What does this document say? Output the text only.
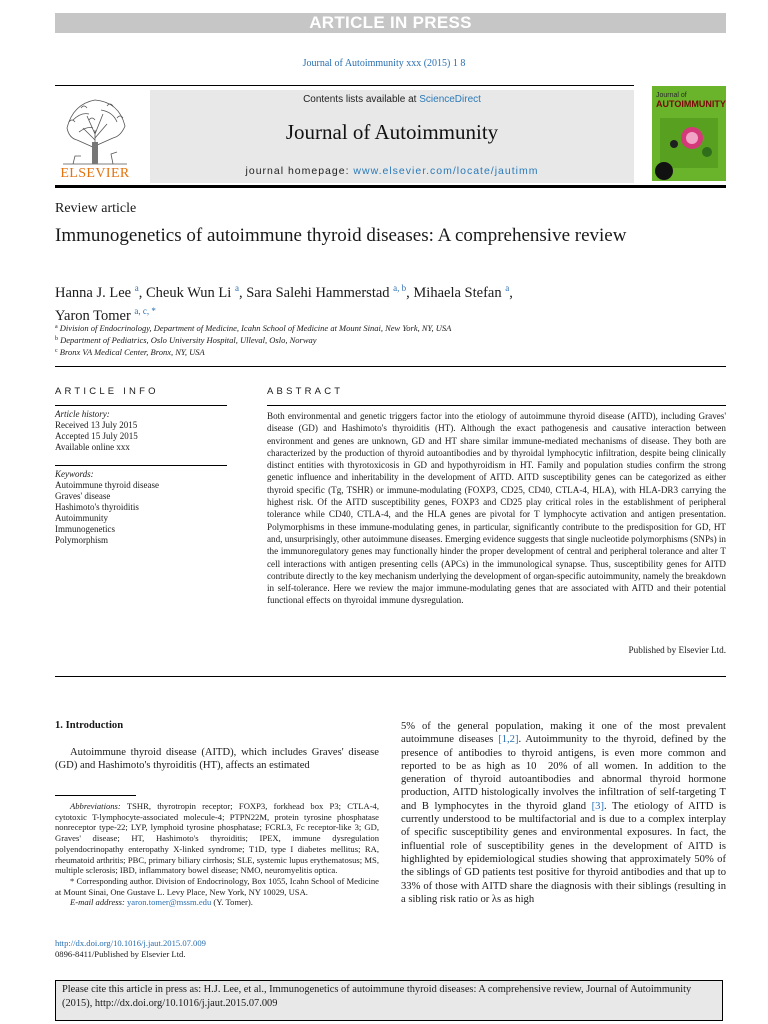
ARTICLE IN PRESS
Journal of Autoimmunity xxx (2015) 1 8
ELSEVIER
Contents lists available at ScienceDirect
Journal of Autoimmunity
journal homepage: www.elsevier.com/locate/jautimm
Journal of
AUTOIMMUNITY
Review article
Immunogenetics of autoimmune thyroid diseases: A comprehensive review
Hanna J. Lee $^a$, Cheuk Wun Li $^a$, Sara Salehi Hammerstad $^{a, b}$, Mihaela Stefan $^a$,
Yaron Tomer $^{a, c, *}$
$^a$ Division of Endocrinology, Department of Medicine, Icahn School of Medicine at Mount Sinai, New York, NY, USA
$^b$ Department of Pediatrics, Oslo University Hospital, Ulleval, Oslo, Norway
$^c$ Bronx VA Medical Center, Bronx, NY, USA
ARTICLE INFO	ABSTRACT
Article history:
Received 13 July 2015
Accepted 15 July 2015
Available online xxx
Keywords:
Autoimmune thyroid disease
Graves' disease
Hashimoto's thyroiditis
Autoimmunity
Immunogenetics
Polymorphism
Both environmental and genetic triggers factor into the etiology of autoimmune thyroid disease (AITD), including Graves' disease (GD) and Hashimoto's thyroiditis (HT). Although the exact pathogenesis and causative interaction between environment and genes are unknown, GD and HT share similar immune-mediated mechanisms of disease. They both are characterized by the production of thyroid autoantibodies and by thyroidal lymphocytic infiltration, despite being clinically distinct entities with thyrotoxicosis in GD and hypothyroidism in HT. Family and population studies confirm the strong genetic influence and inheritability in the development of AITD. AITD susceptibility genes can be categorized as either thyroid specific (Tg, TSHR) or immune-modulating (FOXP3, CD25, CD40, CTLA-4, HLA), with HLA-DR3 carrying the highest risk. Of the AITD susceptibility genes, FOXP3 and CD25 play critical roles in the establishment of peripheral tolerance while CD40, CTLA-4, and the HLA genes are pivotal for T lymphocyte activation and antigen presentation. Polymorphisms in these immune-modulating genes, in particular, significantly contribute to the predisposition for GD, HT and, unsurprisingly, other autoimmune diseases. Emerging evidence suggests that single nucleotide polymorphisms (SNPs) in the immunoregulatory genes may functionally hinder the proper development of central and peripheral tolerance and alter T cell interactions with antigen presenting cells (APCs) in the immunological synapse. Thus, susceptibility genes for AITD contribute directly to the key mechanism underlying the development of organ-specific autoimmunity, namely the breakdown in self-tolerance. Here we review the major immune-modulating genes that are associated with AITD and their potential functional effects on thyroidal immune dysregulation.
Published by Elsevier Ltd.
1. Introduction
Autoimmune thyroid disease (AITD), which includes Graves' disease (GD) and Hashimoto's thyroiditis (HT), affects an estimated
Abbreviations: TSHR, thyrotropin receptor; FOXP3, forkhead box P3; CTLA-4, cytotoxic T-lymphocyte-associated molecule-4; PTPN22M, protein tyrosine phosphatase nonreceptor type-22; LYP, lymphoid tyrosine phosphatase; FCRL3, Fc receptor-like 3; GD, Graves' disease; HT, Hashimoto's thyroiditis; IPEX, immune dysregulation polyendocrinopathy enteropathy X-linked syndrome; T1D, type I diabetes mellitus; RA, rheumatoid arthritis; PBC, primary biliary cirrhosis; SLE, systemic lupus erythematosus; MS, multiple sclerosis; IBD, inflammatory bowel disease; NMO, neuromyelitis optica.
* Corresponding author. Division of Endocrinology, Box 1055, Icahn School of Medicine at Mount Sinai, One Gustave L. Levy Place, New York, NY 10029, USA.
E-mail address: yaron.tomer@mssm.edu (Y. Tomer).
http://dx.doi.org/10.1016/j.jaut.2015.07.009
0896-8411/Published by Elsevier Ltd.
5% of the general population, making it one of the most prevalent autoimmune diseases [1,2]. Autoimmunity to the thyroid, defined by the presence of antibodies to thyroid antigens, is even more common and reported to be as high as 10  20% of all women. In addition to the generation of thyroid autoantibodies and abnormal thyroid hormone production, AITD histologically involves the infiltration of self-targeting T and B lymphocytes in the thyroid gland [3]. The etiology of AITD is currently understood to be multifactorial and is due to a complex interplay of specific susceptibility genes and environmental exposures. In fact, the influential role of susceptibility genes in the development of AITD is highlighted by epidemiological studies showing that approximately 50% of the siblings of GD patients test positive for thyroid antibodies and that up to 33% of those with AITD share the diagnosis with their siblings (resulting in a sibling risk ratio or λs as high
Please cite this article in press as: H.J. Lee, et al., Immunogenetics of autoimmune thyroid diseases: A comprehensive review, Journal of Autoimmunity (2015), http://dx.doi.org/10.1016/j.jaut.2015.07.009
